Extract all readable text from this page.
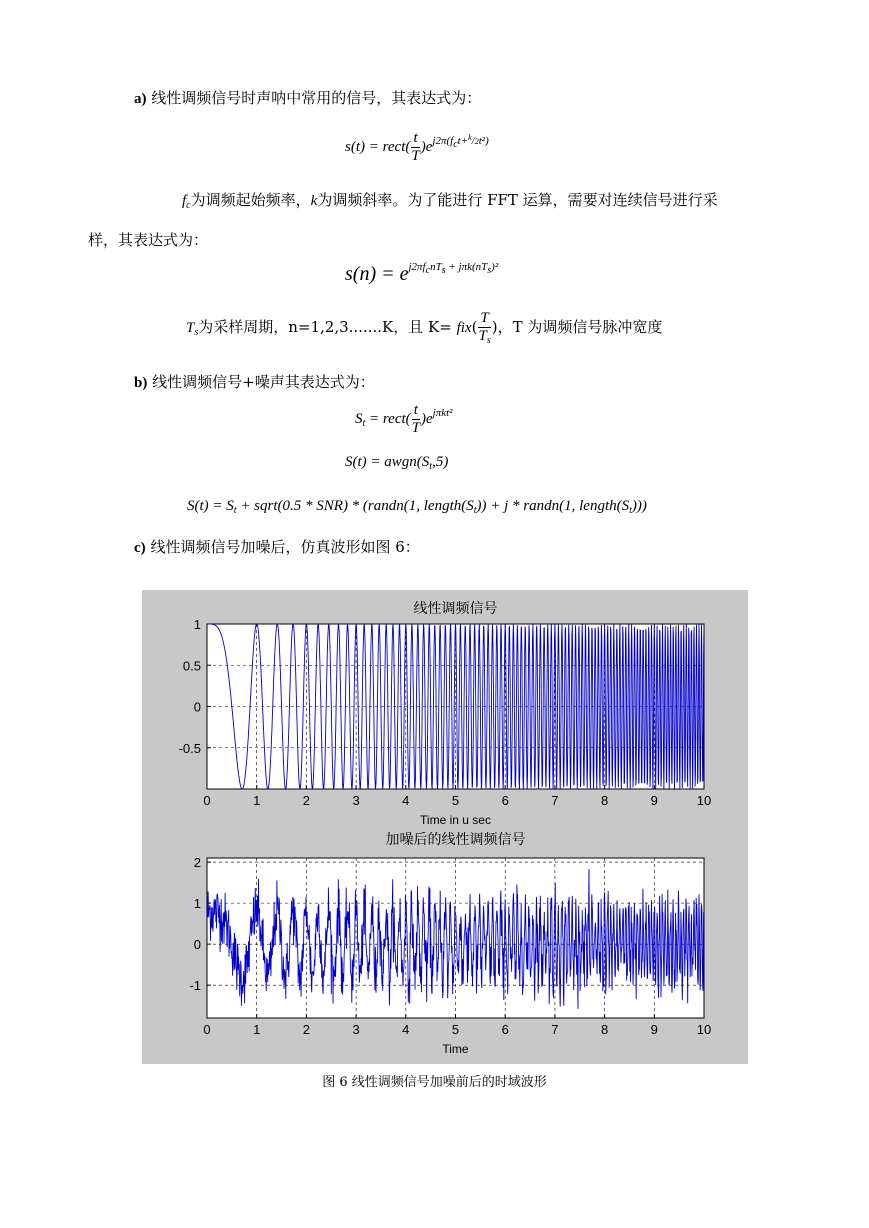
a) 线性调频信号时声呐中常用的信号，其表达式为：
s(t) = rect( $\frac{t}{T} )e^{j2\pi(fct+^k/2t^2)}$
$f_c$为调频起始频率，k为调频斜率。为了能进行 FFT 运算，需要对连续信号进行采
样，其表达式为：
$s(n) = e^{j2\pi fcnTs + j\pi k(nTs)^2}$
$T_s$为采样周期，n=1,2,3.......K，且 $K= fix( \frac{T}{T_s}$ )，T 为调频信号脉冲宽度
b) 线性调频信号+噪声其表达式为：
$S_t$ = rect( $\frac{t}{T} )e^{j\pi kt^2}$
$S(t) = awgn(S_t,5)$
$S(t) = S_t$ + sqrt(0.5 * SNR) * (randn(1, $length(S_t)) + j$ * randn(1, $length(S_t)$))
c) 线性调频信号加噪后，仿真波形如图 6：
0	1	2	3	4	5	6	7	8	9	10
1
0.5
0
-0.5
线性调频信号
Time in u sec
0	1	2	3	4	5	6	7	8	9	10
2
1
0
-1
加噪后的线性调频信号
Time
图 6 线性调频信号加噪前后的时域波形
